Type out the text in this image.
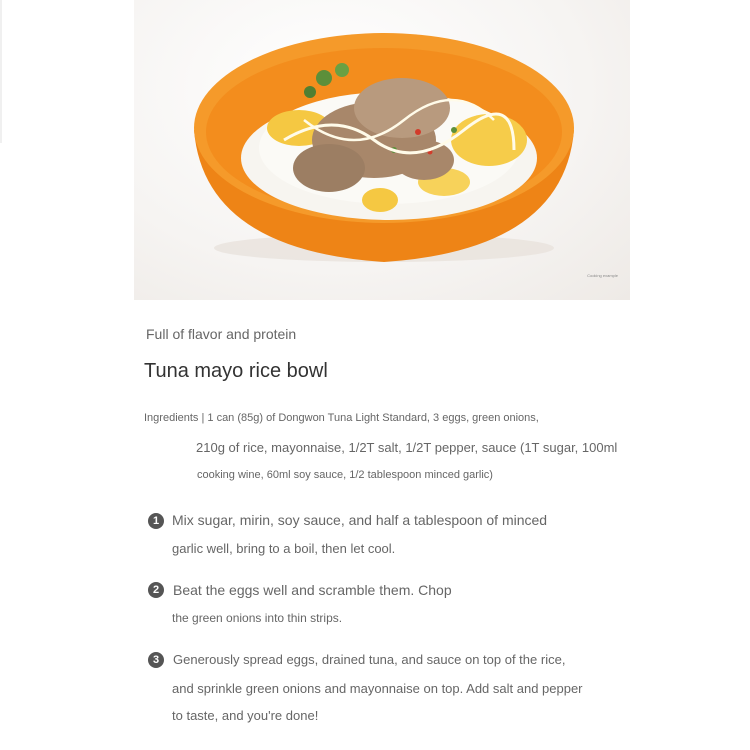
Cooking example
Full of flavor and protein
Tuna mayo rice bowl
Ingredients | 1 can (85g) of Dongwon Tuna Light Standard, 3 eggs, green onions,
210g of rice, mayonnaise, 1/2T salt, 1/2T pepper, sauce (1T sugar, 100ml
cooking wine, 60ml soy sauce, 1/2 tablespoon minced garlic)
1 Mix sugar, mirin, soy sauce, and half a tablespoon of minced
garlic well, bring to a boil, then let cool.
2 Beat the eggs well and scramble them. Chop
the green onions into thin strips.
3	Generously spread eggs, drained tuna, and sauce on top of the rice,
and sprinkle green onions and mayonnaise on top. Add salt and pepper
to taste, and you're done!
